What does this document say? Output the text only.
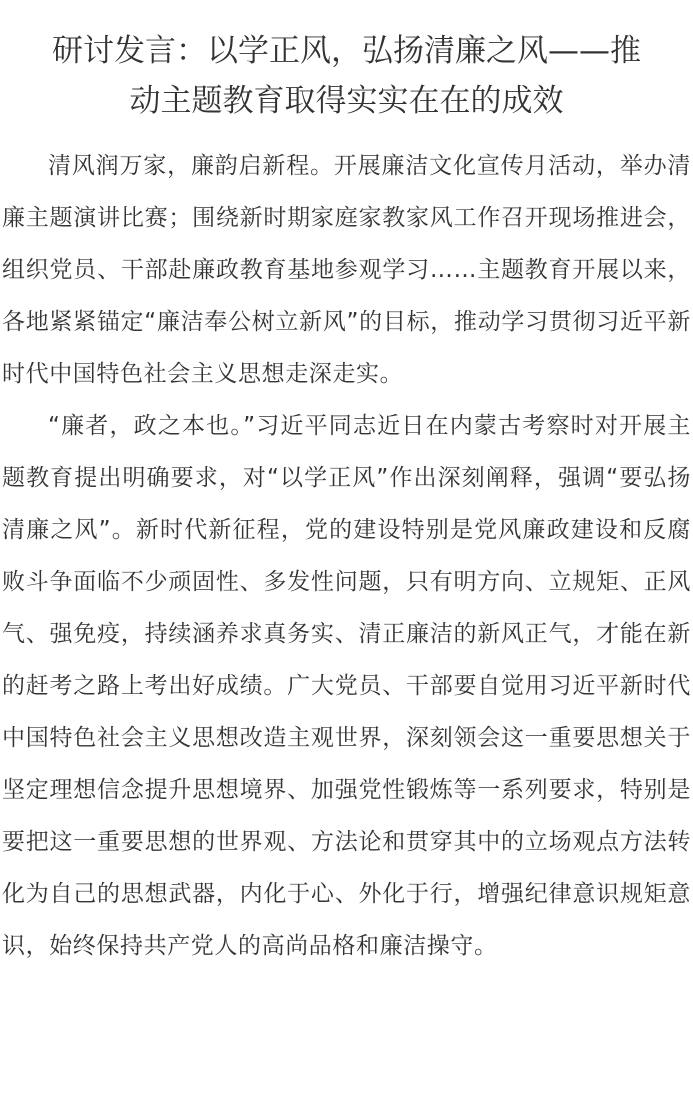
研讨发言：以学正风，弘扬清廉之风——推
动主题教育取得实实在在的成效

清风润万家，廉韵启新程。开展廉洁文化宣传月活动，举办清廉主题演讲比赛；围绕新时期家庭家教家风工作召开现场推进会，组织党员、干部赴廉政教育基地参观学习……主题教育开展以来，各地紧紧锚定“廉洁奉公树立新风”的目标，推动学习贯彻习近平新时代中国特色社会主义思想走深走实。

“廉者，政之本也。”习近平同志近日在内蒙古考察时对开展主题教育提出明确要求，对“以学正风”作出深刻阐释，强调“要弘扬清廉之风”。新时代新征程，党的建设特别是党风廉政建设和反腐败斗争面临不少顽固性、多发性问题，只有明方向、立规矩、正风气、强免疫，持续涵养求真务实、清正廉洁的新风正气，才能在新的赶考之路上考出好成绩。广大党员、干部要自觉用习近平新时代中国特色社会主义思想改造主观世界，深刻领会这一重要思想关于坚定理想信念提升思想境界、加强党性锻炼等一系列要求，特别是要把这一重要思想的世界观、方法论和贯穿其中的立场观点方法转化为自己的思想武器，内化于心、外化于行，增强纪律意识规矩意识，始终保持共产党人的高尚品格和廉洁操守。
